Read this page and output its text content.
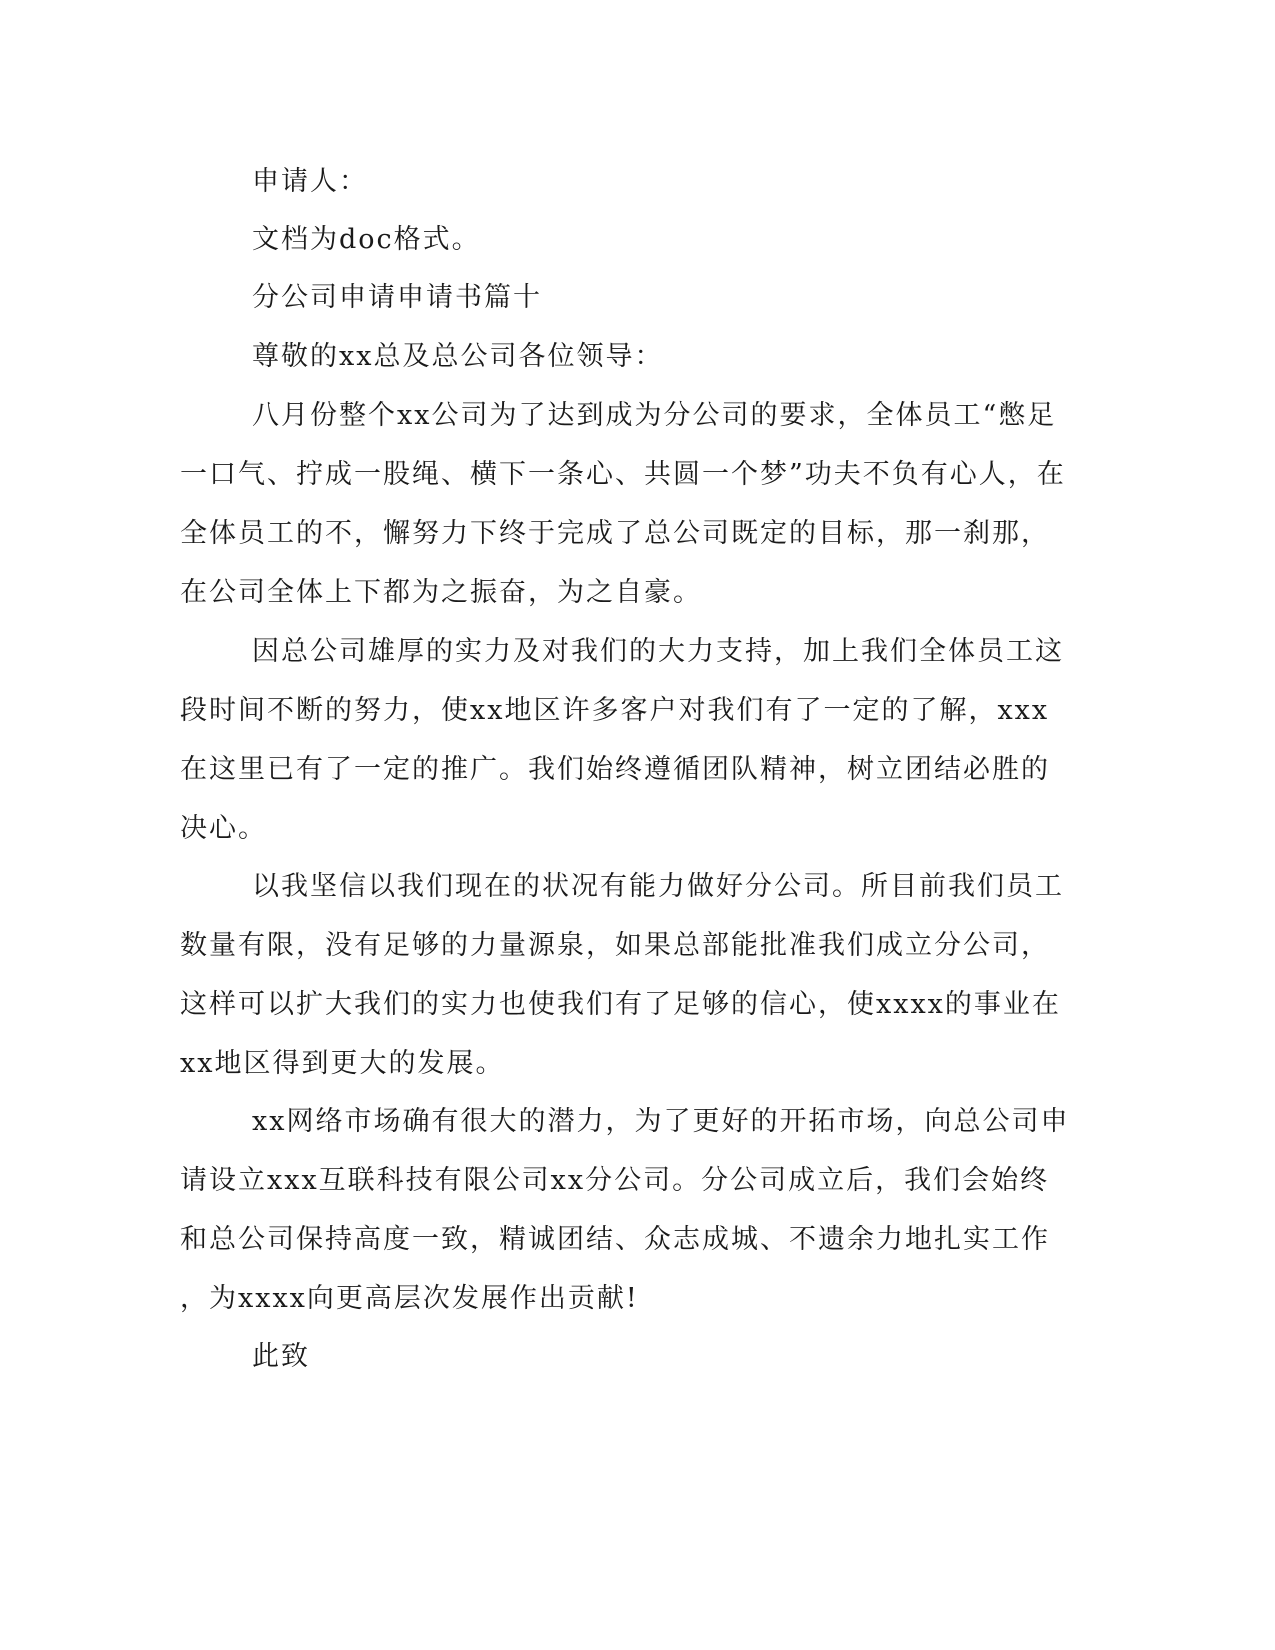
申请人：

文档为doc格式。

分公司申请申请书篇十

尊敬的xx总及总公司各位领导：

八月份整个xx公司为了达到成为分公司的要求，全体员工“憋足
一口气、拧成一股绳、横下一条心、共圆一个梦”功夫不负有心人，在
全体员工的不，懈努力下终于完成了总公司既定的目标，那一刹那，
在公司全体上下都为之振奋，为之自豪。
因总公司雄厚的实力及对我们的大力支持，加上我们全体员工这
段时间不断的努力，使xx地区许多客户对我们有了一定的了解，xxx
在这里已有了一定的推广。我们始终遵循团队精神，树立团结必胜的
决心。
以我坚信以我们现在的状况有能力做好分公司。所目前我们员工
数量有限，没有足够的力量源泉，如果总部能批准我们成立分公司，
这样可以扩大我们的实力也使我们有了足够的信心，使xxxx的事业在
xx地区得到更大的发展。
xx网络市场确有很大的潜力，为了更好的开拓市场，向总公司申
请设立xxx互联科技有限公司xx分公司。分公司成立后，我们会始终
和总公司保持高度一致，精诚团结、众志成城、不遗余力地扎实工作
，为xxxx向更高层次发展作出贡献!

此致
